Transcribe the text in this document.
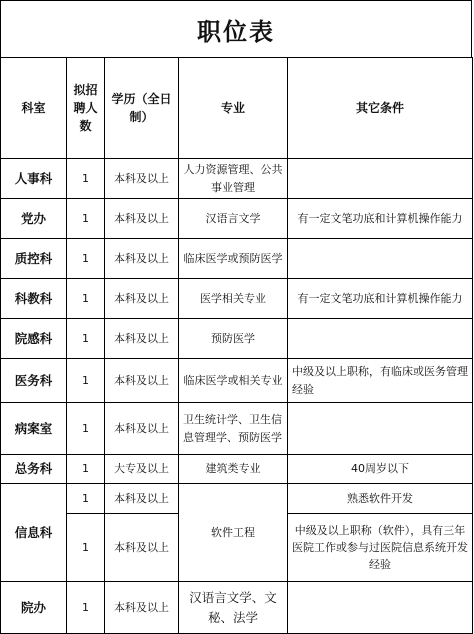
职位表
科室	拟招聘人数	学历（全日制）	专业	其它条件
人事科	1	本科及以上	人力资源管理、公共事业管理	
党办	1	本科及以上	汉语言文学	有一定文笔功底和计算机操作能力
质控科	1	本科及以上	临床医学或预防医学	
科教科	1	本科及以上	医学相关专业	有一定文笔功底和计算机操作能力
院感科	1	本科及以上	预防医学	
医务科	1	本科及以上	临床医学或相关专业	中级及以上职称，有临床或医务管理经验
病案室	1	本科及以上	卫生统计学、卫生信息管理学、预防医学	
总务科	1	大专及以上	建筑类专业	40周岁以下
信息科	1	本科及以上	软件工程	熟悉软件开发
	1	本科及以上		中级及以上职称（软件），具有三年医院工作或参与过医院信息系统开发经验
院办	1	本科及以上	汉语言文学、文秘、法学	
